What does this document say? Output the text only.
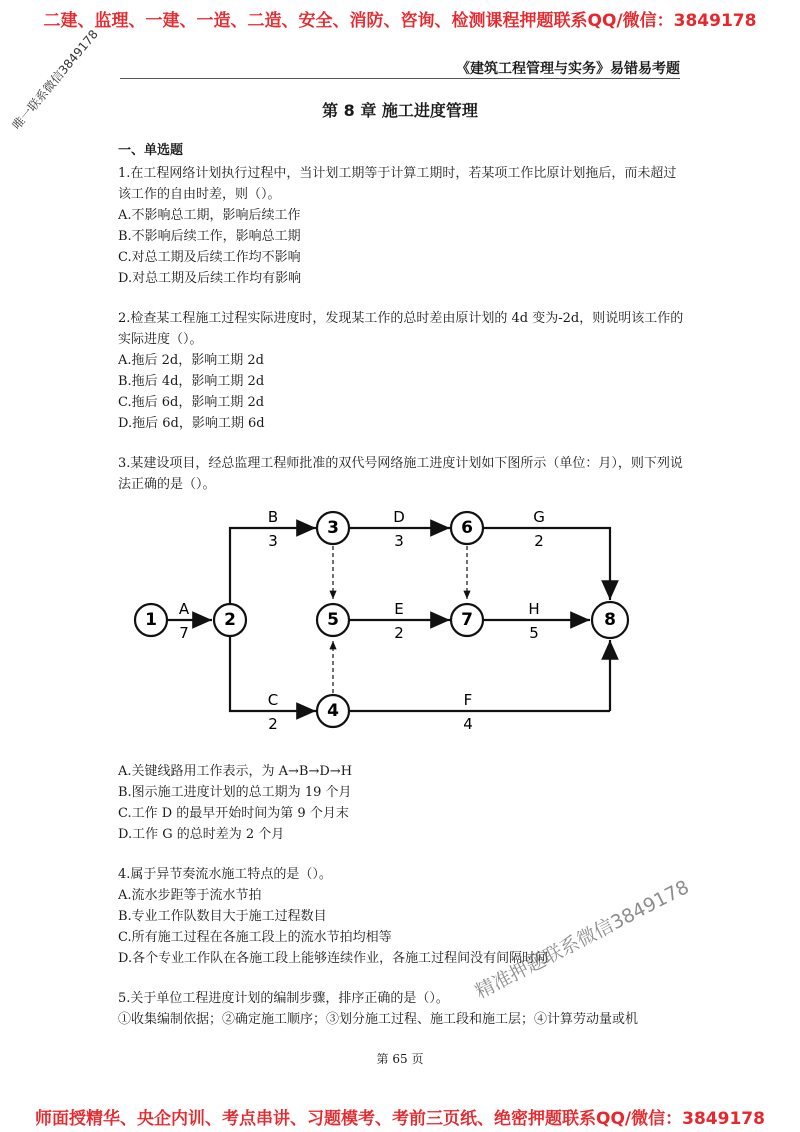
二建、监理、一建、一造、二造、安全、消防、咨询、检测课程押题联系QQ/微信：3849178
《建筑工程管理与实务》易错易考题
唯一联系微信3849178	第 8 章 施工进度管理
一、单选题

1.在工程网络计划执行过程中，当计划工期等于计算工期时，若某项工作比原计划拖后，而未超过该工作的自由时差，则（）。

A.不影响总工期，影响后续工作

B.不影响后续工作，影响总工期

C.对总工期及后续工作均不影响

D.对总工期及后续工作均有影响

2.检查某工程施工过程实际进度时，发现某工作的总时差由原计划的 4d 变为-2d，则说明该工作的实际进度（）。

A.拖后 2d，影响工期 2d

B.拖后 4d，影响工期 2d

C.拖后 6d，影响工期 2d

D.拖后 6d，影响工期 6d

3.某建设项目，经总监理工程师批准的双代号网络施工进度计划如下图所示（单位：月），则下列说法正确的是（）。

A.关键线路用工作表示，为 A→B→D→H

B.图示施工进度计划的总工期为 19 个月

C.工作 D 的最早开始时间为第 9 个月末

D.工作 G 的总时差为 2 个月

4.属于异节奏流水施工特点的是（）。

A.流水步距等于流水节拍

B.专业工作队数目大于施工过程数目

C.所有施工过程在各施工段上的流水节拍均相等

D.各个专业工作队在各施工段上能够连续作业，各施工过程间没有间隔时间

5.关于单位工程进度计划的编制步骤，排序正确的是（）。

①收集编制依据；②确定施工顺序；③划分施工过程、施工段和施工层；④计算劳动量或机

A
7
B
3
C
2
D
3
E
2
F
4
G
2
H
5
1	2
3
4
5
6
7	8
精准押题联系微信3849178
第 65 页
师面授精华、央企内训、考点串讲、习题模考、考前三页纸、绝密押题联系QQ/微信：3849178
